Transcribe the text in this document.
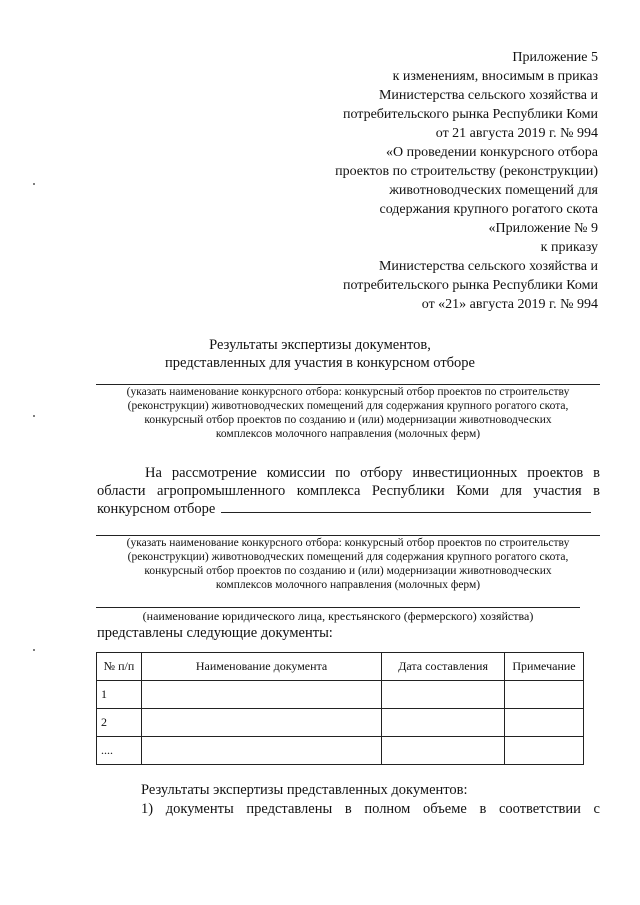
Приложение 5
к изменениям, вносимым в приказ
Министерства сельского хозяйства и
потребительского рынка Республики Коми
от 21 августа 2019 г. № 994
«О проведении конкурсного отбора
проектов по строительству (реконструкции)
животноводческих помещений для
содержания крупного рогатого скота
«Приложение № 9
к приказу
Министерства сельского хозяйства и
потребительского рынка Республики Коми
от «21» августа 2019 г. № 994
Результаты экспертизы документов,
представленных для участия в конкурсном отборе
(указать наименование конкурсного отбора: конкурсный отбор проектов по строительству
(реконструкции) животноводческих помещений для содержания крупного рогатого скота,
конкурсный отбор проектов по созданию и (или) модернизации животноводческих
комплексов молочного направления (молочных ферм)
На рассмотрение комиссии по отбору инвестиционных проектов в области агропромышленного комплекса Республики Коми для участия в конкурсном отборе
(указать наименование конкурсного отбора: конкурсный отбор проектов по строительству
(реконструкции) животноводческих помещений для содержания крупного рогатого скота,
конкурсный отбор проектов по созданию и (или) модернизации животноводческих
комплексов молочного направления (молочных ферм)
(наименование юридического лица, крестьянского (фермерского) хозяйства)
представлены следующие документы:
№ п/п	Наименование документа	Дата составления	Примечание
1			
2			
....			
Результаты экспертизы представленных документов:
1) документы представлены в полном объеме в соответствии с
